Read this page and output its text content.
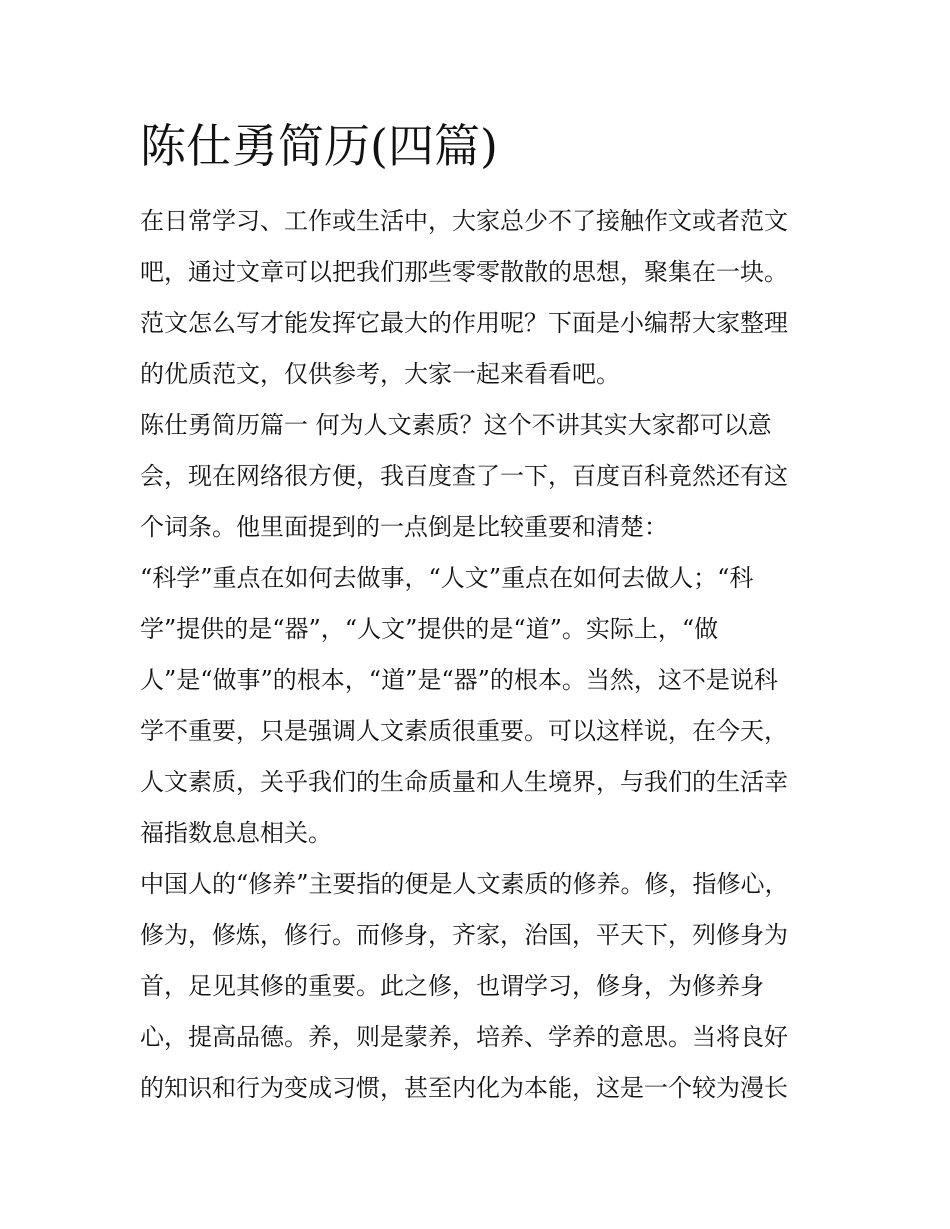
陈仕勇简历(四篇)
在日常学习、工作或生活中，大家总少不了接触作文或者范文
吧，通过文章可以把我们那些零零散散的思想，聚集在一块。
范文怎么写才能发挥它最大的作用呢？下面是小编帮大家整理
的优质范文，仅供参考，大家一起来看看吧。
陈仕勇简历篇一 何为人文素质？这个不讲其实大家都可以意
会，现在网络很方便，我百度查了一下，百度百科竟然还有这
个词条。他里面提到的一点倒是比较重要和清楚：
“科学”重点在如何去做事，“人文”重点在如何去做人；“科
学”提供的是“器”，“人文”提供的是“道”。实际上，“做
人”是“做事”的根本，“道”是“器”的根本。当然，这不是说科
学不重要，只是强调人文素质很重要。可以这样说，在今天，
人文素质，关乎我们的生命质量和人生境界，与我们的生活幸
福指数息息相关。
中国人的“修养”主要指的便是人文素质的修养。修，指修心，
修为，修炼，修行。而修身，齐家，治国，平天下，列修身为
首，足见其修的重要。此之修，也谓学习，修身，为修养身
心，提高品德。养，则是蒙养，培养、学养的意思。当将良好
的知识和行为变成习惯，甚至内化为本能，这是一个较为漫长
